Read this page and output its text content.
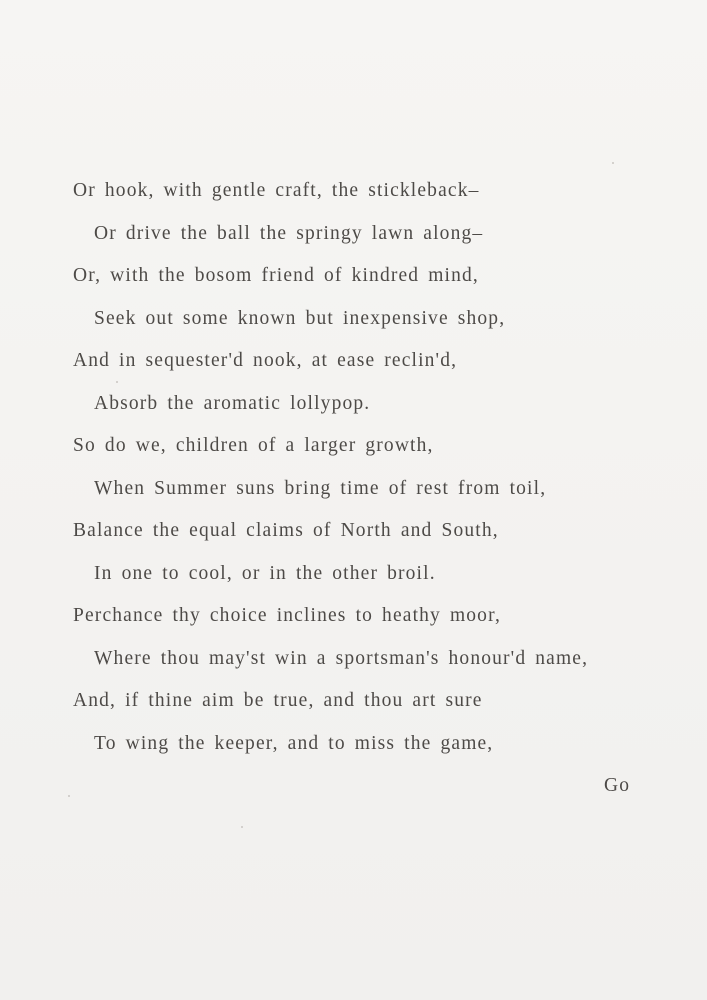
Or hook, with gentle craft, the stickleback–
Or drive the ball the springy lawn along–
Or, with the bosom friend of kindred mind,
Seek out some known but inexpensive shop,
And in sequester'd nook, at ease reclin'd,
Absorb the aromatic lollypop.
So do we, children of a larger growth,
When Summer suns bring time of rest from toil,
Balance the equal claims of North and South,
In one to cool, or in the other broil.
Perchance thy choice inclines to heathy moor,
Where thou may'st win a sportsman's honour'd name,
And, if thine aim be true, and thou art sure
To wing the keeper, and to miss the game,
Go
